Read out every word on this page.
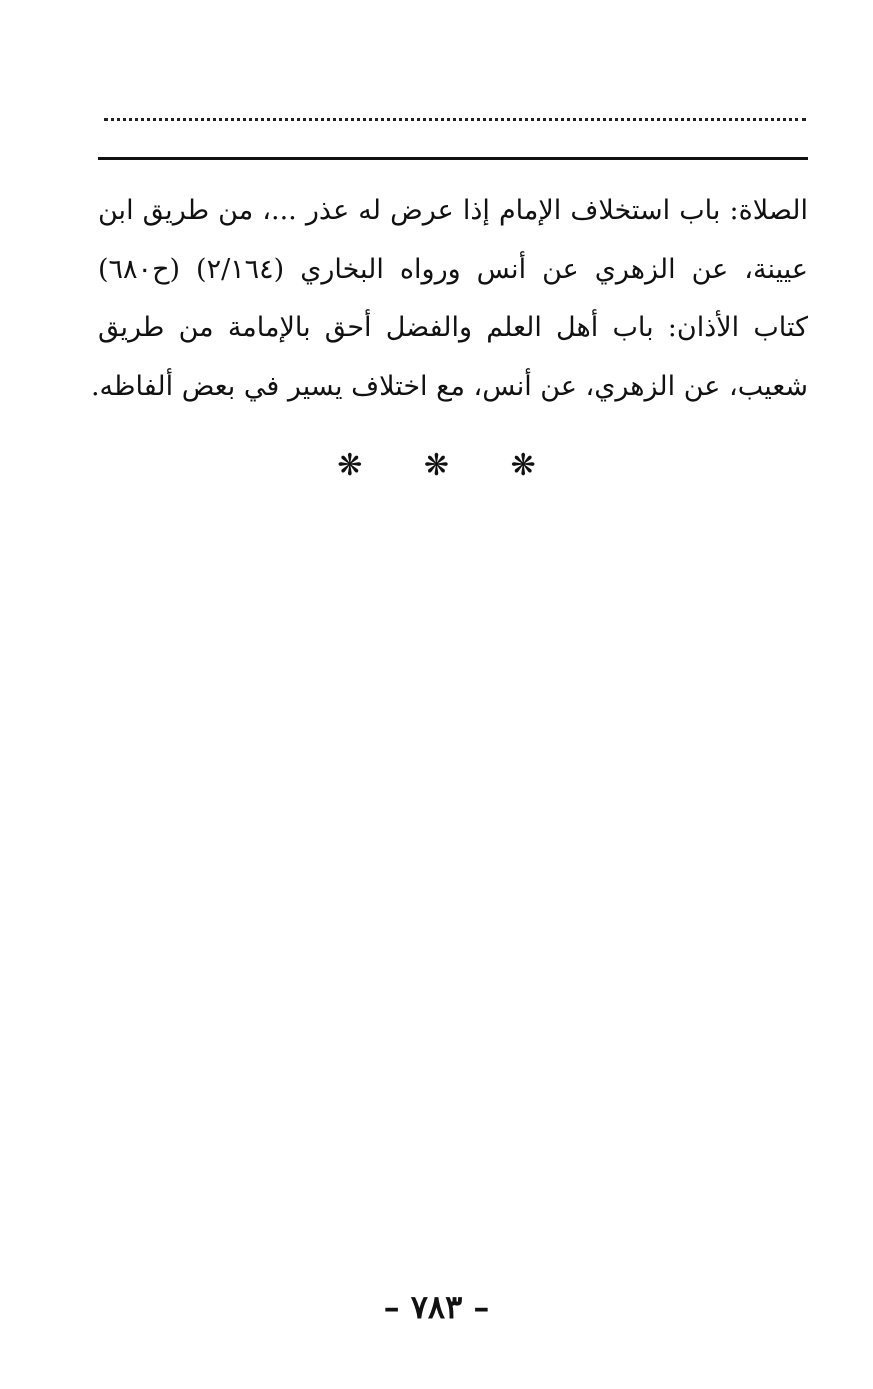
الصلاة: باب استخلاف الإمام إذا عرض له عذر ...، من طريق ابن
عيينة، عن الزهري عن أنس ورواه البخاري (٢/١٦٤) (ح٦٨٠)
كتاب الأذان: باب أهل العلم والفضل أحق بالإمامة من طريق
شعيب، عن الزهري، عن أنس، مع اختلاف يسير في بعض ألفاظه.
❋ ❋ ❋
– ٧٨٣ –
